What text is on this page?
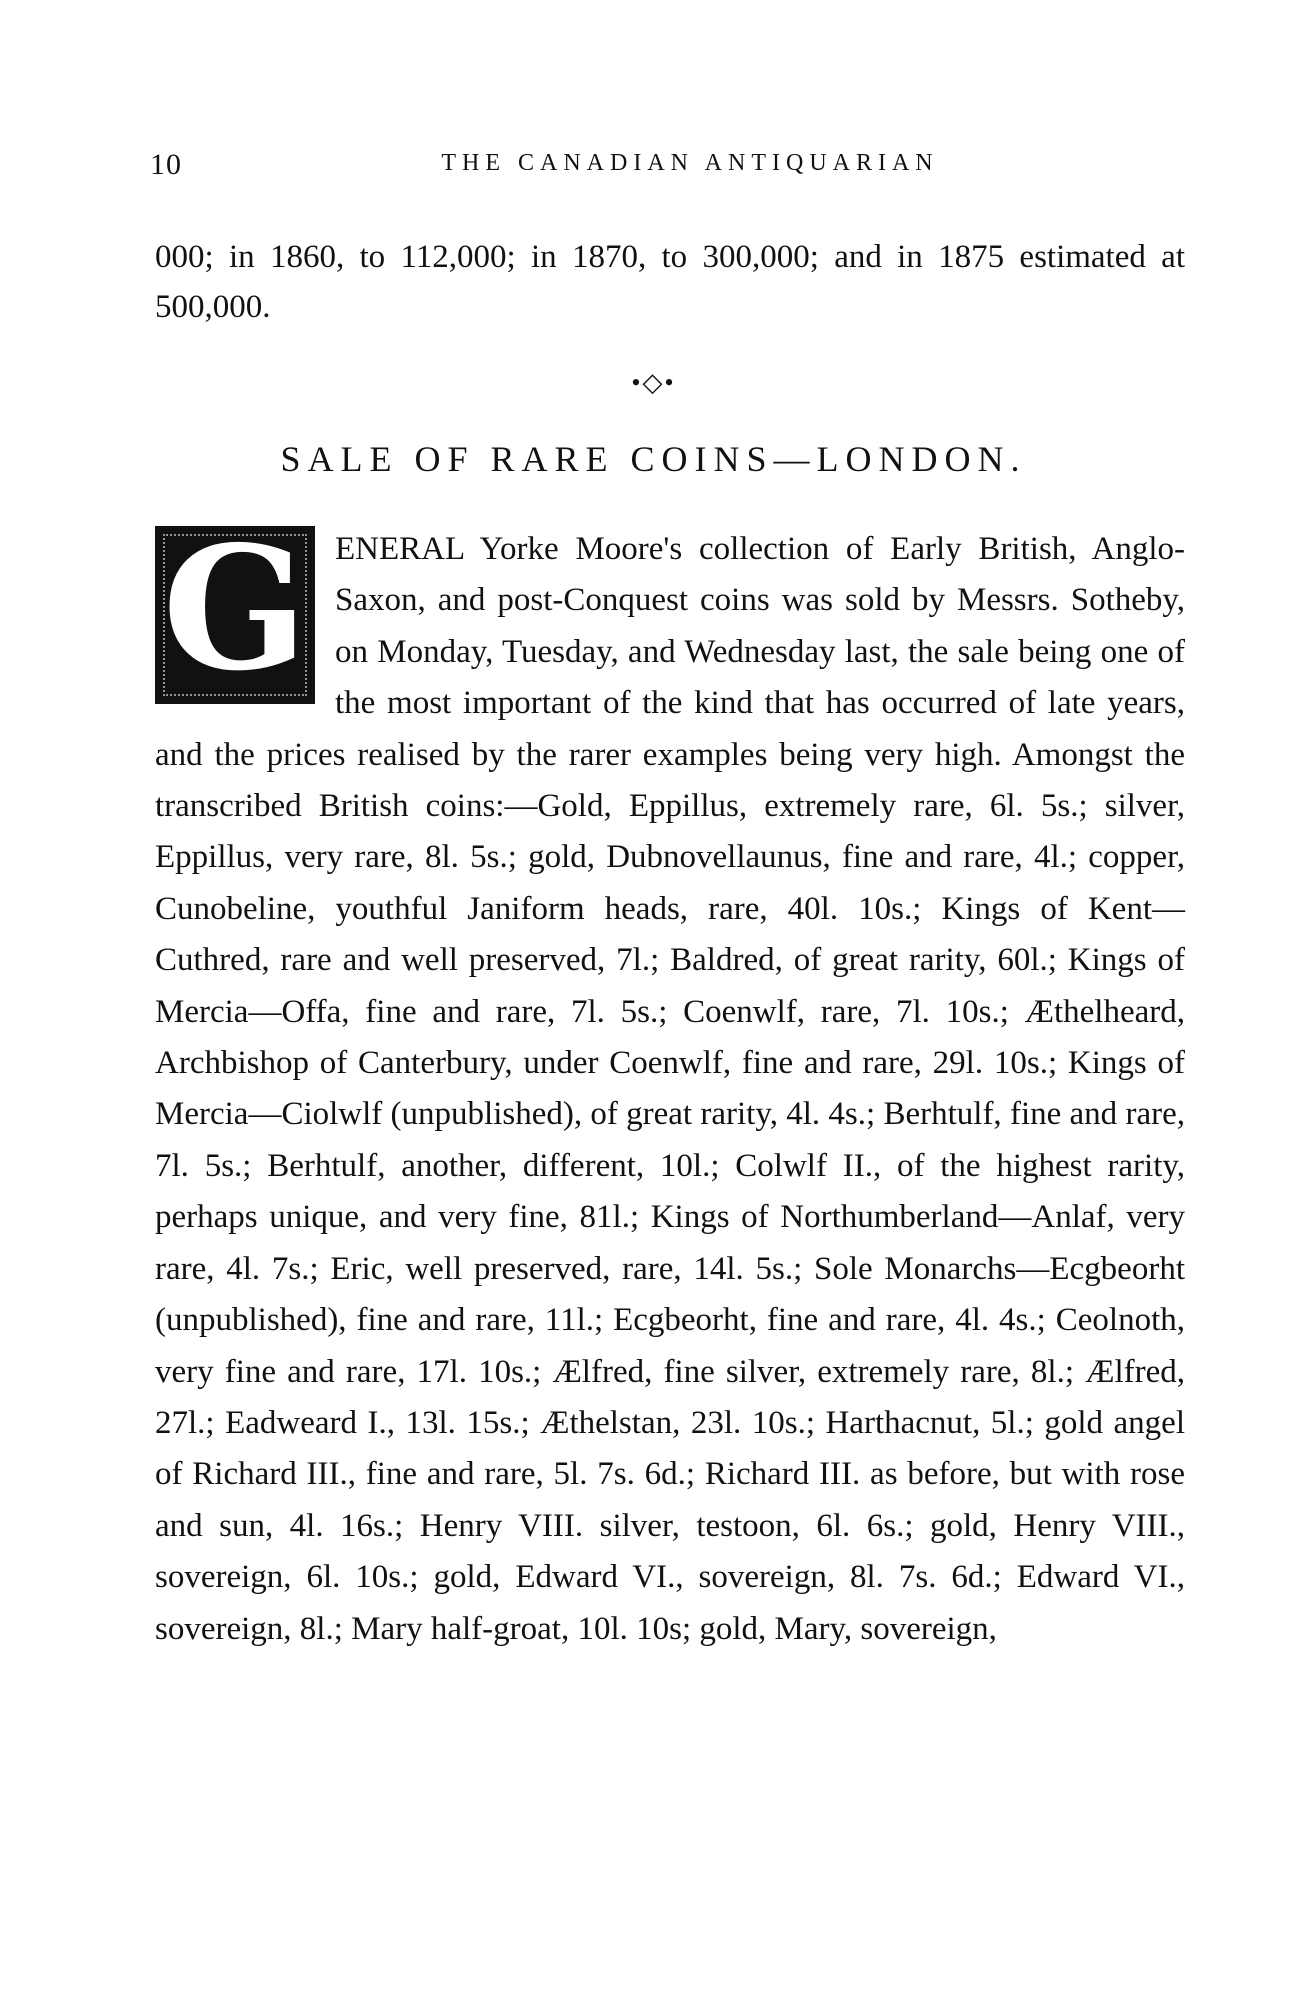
10	THE CANADIAN ANTIQUARIAN
000; in 1860, to 112,000; in 1870, to 300,000; and in 1875 estimated at 500,000.
•◇•
SALE OF RARE COINS—LONDON.
G ENERAL Yorke Moore's collection of Early British, Anglo-Saxon, and post-Conquest coins was sold by Messrs. Sotheby, on Monday, Tuesday, and Wednesday last, the sale being one of the most important of the kind that has occurred of late years, and the prices realised by the rarer examples being very high. Amongst the transcribed British coins:—Gold, Eppillus, extremely rare, 6l. 5s.; silver, Eppillus, very rare, 8l. 5s.; gold, Dubnovellaunus, fine and rare, 4l.; copper, Cunobeline, youthful Janiform heads, rare, 40l. 10s.; Kings of Kent—Cuthred, rare and well preserved, 7l.; Baldred, of great rarity, 60l.; Kings of Mercia—Offa, fine and rare, 7l. 5s.; Coenwlf, rare, 7l. 10s.; Æthelheard, Archbishop of Canterbury, under Coenwlf, fine and rare, 29l. 10s.; Kings of Mercia—Ciolwlf (unpublished), of great rarity, 4l. 4s.; Berhtulf, fine and rare, 7l. 5s.; Berhtulf, another, different, 10l.; Colwlf II., of the highest rarity, perhaps unique, and very fine, 81l.; Kings of Northumberland—Anlaf, very rare, 4l. 7s.; Eric, well preserved, rare, 14l. 5s.; Sole Monarchs—Ecgbeorht (unpublished), fine and rare, 11l.; Ecgbeorht, fine and rare, 4l. 4s.; Ceolnoth, very fine and rare, 17l. 10s.; Ælfred, fine silver, extremely rare, 8l.; Ælfred, 27l.; Eadweard I., 13l. 15s.; Æthelstan, 23l. 10s.; Harthacnut, 5l.; gold angel of Richard III., fine and rare, 5l. 7s. 6d.; Richard III. as before, but with rose and sun, 4l. 16s.; Henry VIII. silver, testoon, 6l. 6s.; gold, Henry VIII., sovereign, 6l. 10s.; gold, Edward VI., sovereign, 8l. 7s. 6d.; Edward VI., sovereign, 8l.; Mary half-groat, 10l. 10s; gold, Mary, sovereign,
